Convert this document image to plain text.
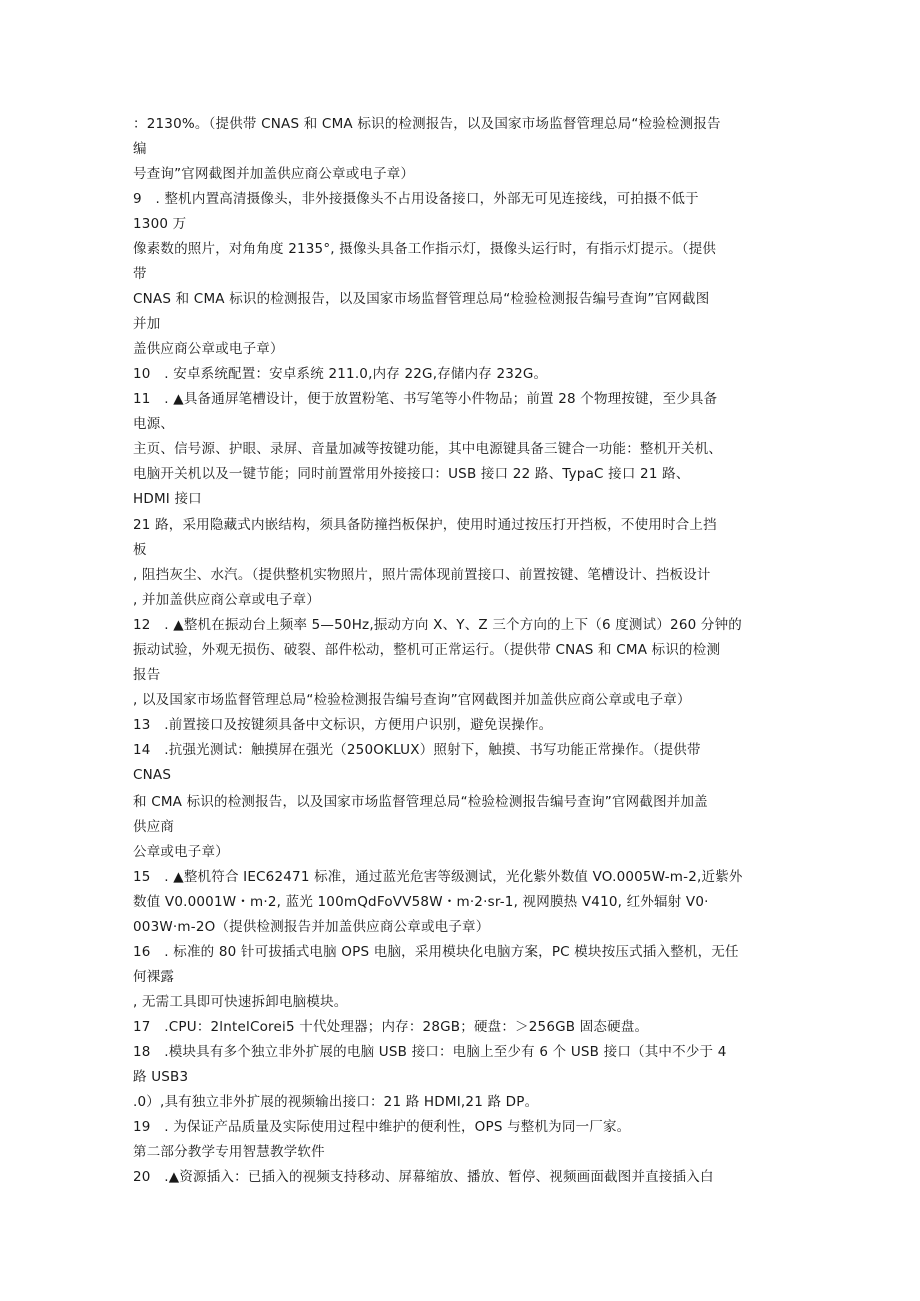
：2130%。（提供带 CNAS 和 CMA 标识的检测报告，以及国家市场监督管理总局“检验检测报告
编
号查询”官网截图并加盖供应商公章或电子章）
9　. 整机内置高清摄像头，非外接摄像头不占用设备接口，外部无可见连接线，可拍摄不低于
1300 万
像素数的照片，对角角度 2135°, 摄像头具备工作指示灯，摄像头运行时，有指示灯提示。（提供
带
CNAS 和 CMA 标识的检测报告，以及国家市场监督管理总局“检验检测报告编号查询”官网截图
并加
盖供应商公章或电子章）
10　. 安卓系统配置：安卓系统 211.0,内存 22G,存储内存 232G。
11　. ▲具备通屏笔槽设计，便于放置粉笔、书写笔等小件物品；前置 28 个物理按键，至少具备
电源、
主页、信号源、护眼、录屏、音量加减等按键功能，其中电源键具备三键合一功能：整机开关机、
电脑开关机以及一键节能；同时前置常用外接接口：USB 接口 22 路、TypaC 接口 21 路、
HDMI 接口
21 路，采用隐藏式内嵌结构，须具备防撞挡板保护，使用时通过按压打开挡板，不使用时合上挡
板
, 阻挡灰尘、水汽。（提供整机实物照片，照片需体现前置接口、前置按键、笔槽设计、挡板设计
, 并加盖供应商公章或电子章）
12　. ▲整机在振动台上频率 5—50Hz,振动方向 X、Y、Z 三个方向的上下（6 度测试）260 分钟的
振动试验，外观无损伤、破裂、部件松动，整机可正常运行。（提供带 CNAS 和 CMA 标识的检测
报告
, 以及国家市场监督管理总局“检验检测报告编号查询”官网截图并加盖供应商公章或电子章）
13　.前置接口及按键须具备中文标识，方便用户识别，避免误操作。
14　.抗强光测试：触摸屏在强光（250OKLUX）照射下，触摸、书写功能正常操作。（提供带
CNAS
和 CMA 标识的检测报告，以及国家市场监督管理总局“检验检测报告编号查询”官网截图并加盖
供应商
公章或电子章）
15　. ▲整机符合 IEC62471 标准，通过蓝光危害等级测试，光化紫外数值 VO.0005W-m-2,近紫外
数值 V0.0001W・m·2, 蓝光 100mQdFoVV58W・m·2·sr-1, 视网膜热 V410, 红外辐射 V0·
003W·m-2O（提供检测报告并加盖供应商公章或电子章）
16　. 标准的 80 针可拔插式电脑 OPS 电脑，采用模块化电脑方案，PC 模块按压式插入整机，无任
何裸露
, 无需工具即可快速拆卸电脑模块。
17　.CPU：2lntelCorei5 十代处理器；内存：28GB；硬盘：＞256GB 固态硬盘。
18　.模块具有多个独立非外扩展的电脑 USB 接口：电脑上至少有 6 个 USB 接口（其中不少于 4
路 USB3
.0）,具有独立非外扩展的视频输出接口：21 路 HDMI,21 路 DP。
19　. 为保证产品质量及实际使用过程中维护的便利性，OPS 与整机为同一厂家。
第二部分教学专用智慧教学软件
20　.▲资源插入：已插入的视频支持移动、屏幕缩放、播放、暂停、视频画面截图并直接插入白
